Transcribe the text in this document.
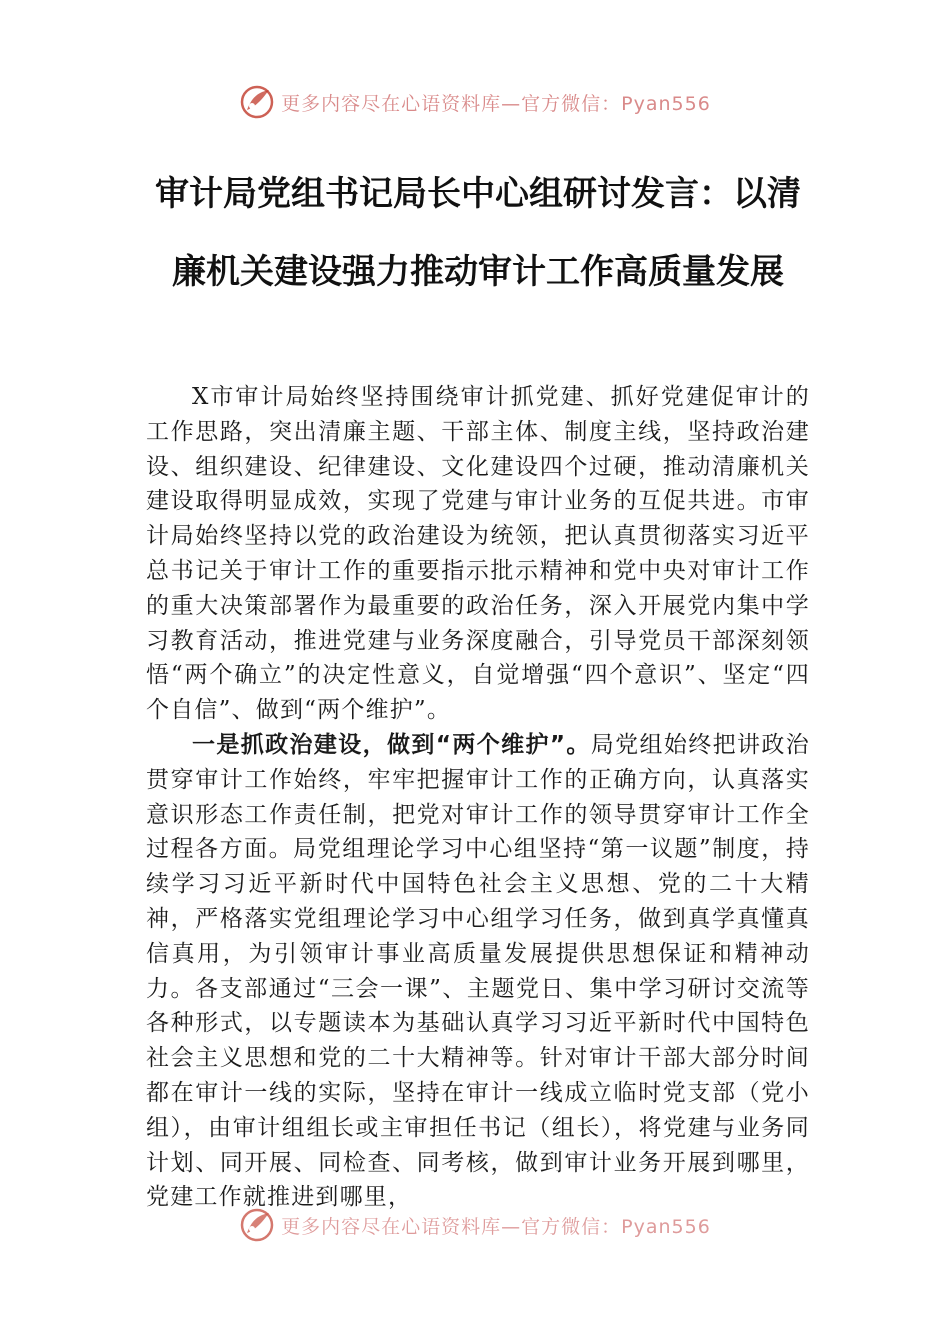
更多内容尽在心语资料库—官方微信：Pyan556
审计局党组书记局长中心组研讨发言：以清廉机关建设强力推动审计工作高质量发展

X市审计局始终坚持围绕审计抓党建、抓好党建促审计的工作思路，突出清廉主题、干部主体、制度主线，坚持政治建设、组织建设、纪律建设、文化建设四个过硬，推动清廉机关建设取得明显成效，实现了党建与审计业务的互促共进。市审计局始终坚持以党的政治建设为统领，把认真贯彻落实习近平总书记关于审计工作的重要指示批示精神和党中央对审计工作的重大决策部署作为最重要的政治任务，深入开展党内集中学习教育活动，推进党建与业务深度融合，引导党员干部深刻领悟“两个确立”的决定性意义，自觉增强“四个意识”、坚定“四个自信”、做到“两个维护”。

一是抓政治建设，做到“两个维护”。局党组始终把讲政治贯穿审计工作始终，牢牢把握审计工作的正确方向，认真落实意识形态工作责任制，把党对审计工作的领导贯穿审计工作全过程各方面。局党组理论学习中心组坚持“第一议题”制度，持续学习习近平新时代中国特色社会主义思想、党的二十大精神，严格落实党组理论学习中心组学习任务，做到真学真懂真信真用，为引领审计事业高质量发展提供思想保证和精神动力。各支部通过“三会一课”、主题党日、集中学习研讨交流等各种形式，以专题读本为基础认真学习习近平新时代中国特色社会主义思想和党的二十大精神等。针对审计干部大部分时间都在审计一线的实际，坚持在审计一线成立临时党支部（党小组），由审计组组长或主审担任书记（组长），将党建与业务同计划、同开展、同检查、同考核，做到审计业务开展到哪里，党建工作就推进到哪里，

更多内容尽在心语资料库—官方微信：Pyan556
